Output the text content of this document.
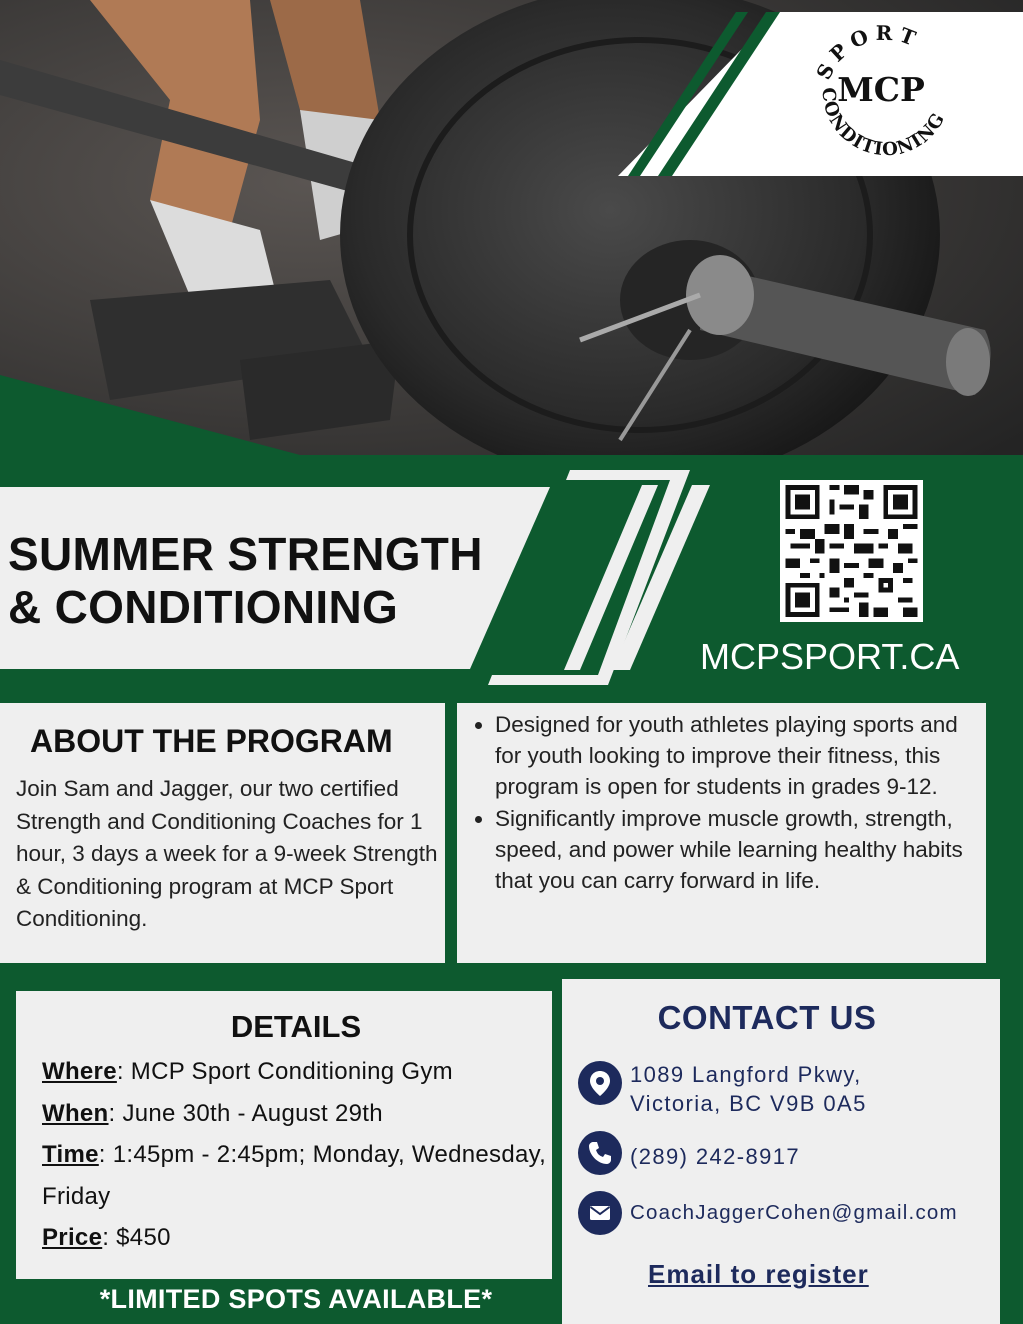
SPORT
CONDITIONING
MCP
SUMMER STRENGTH
& CONDITIONING
MCPSPORT.CA
ABOUT THE PROGRAM

Join Sam and Jagger, our two certified Strength and Conditioning Coaches for 1 hour, 3 days a week for a 9-week Strength & Conditioning program at MCP Sport Conditioning.

• Designed for youth athletes playing sports and for youth looking to improve their fitness, this program is open for students in grades 9-12.
• Significantly improve muscle growth, strength, speed, and power while learning healthy habits that you can carry forward in life.
DETAILS
Where: MCP Sport Conditioning Gym
When: June 30th - August 29th
Time: 1:45pm - 2:45pm; Monday, Wednesday, Friday
Price: $450
*LIMITED SPOTS AVAILABLE*
CONTACT US
1089 Langford Pkwy,
Victoria, BC V9B 0A5
(289) 242-8917
CoachJaggerCohen@gmail.com
Email to register
